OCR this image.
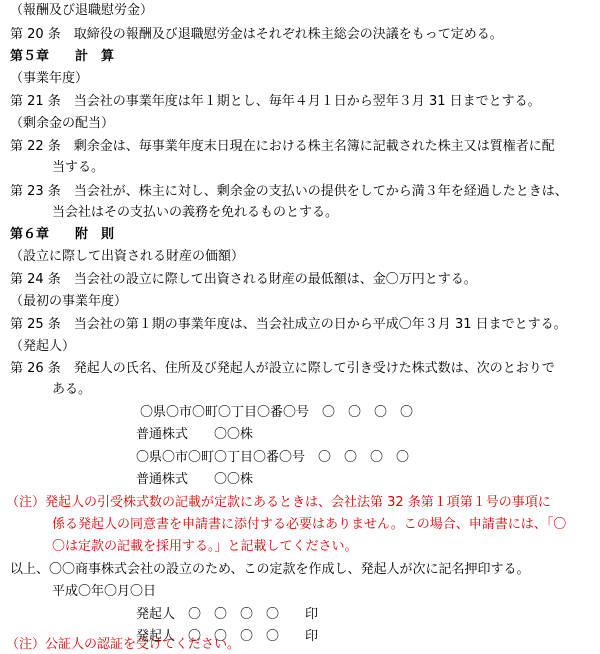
（報酬及び退職慰労金）
第 20 条　取締役の報酬及び退職慰労金はそれぞれ株主総会の決議をもって定める。
第５章　　計　算
（事業年度）
第 21 条　当会社の事業年度は年１期とし、毎年４月１日から翌年３月 31 日までとする。
（剰余金の配当）
第 22 条　剰余金は、毎事業年度末日現在における株主名簿に記載された株主又は質権者に配
当する。
第 23 条　当会社が、株主に対し、剰余金の支払いの提供をしてから満３年を経過したときは、
当会社はその支払いの義務を免れるものとする。
第６章　　附　則
（設立に際して出資される財産の価額）
第 24 条　当会社の設立に際して出資される財産の最低額は、金〇万円とする。
（最初の事業年度）
第 25 条　当会社の第１期の事業年度は、当会社成立の日から平成〇年３月 31 日までとする。
（発起人）
第 26 条　発起人の氏名、住所及び発起人が設立に際して引き受けた株式数は、次のとおりで
ある。
〇県〇市〇町〇丁目〇番〇号　〇　〇　〇　〇
普通株式　　〇〇株
〇県〇市〇町〇丁目〇番〇号　〇　〇　〇　〇
普通株式　　〇〇株
（注）発起人の引受株式数の記載が定款にあるときは、会社法第 32 条第１項第１号の事項に
係る発起人の同意書を申請書に添付する必要はありません。この場合、申請書には、「〇
〇は定款の記載を採用する。」と記載してください。
以上、〇〇商事株式会社の設立のため、この定款を作成し、発起人が次に記名押印する。
平成〇年〇月〇日
発起人　〇　〇　〇　〇　　印
発起人　〇　〇　〇　〇　　印
（注）公証人の認証を受けてください。
